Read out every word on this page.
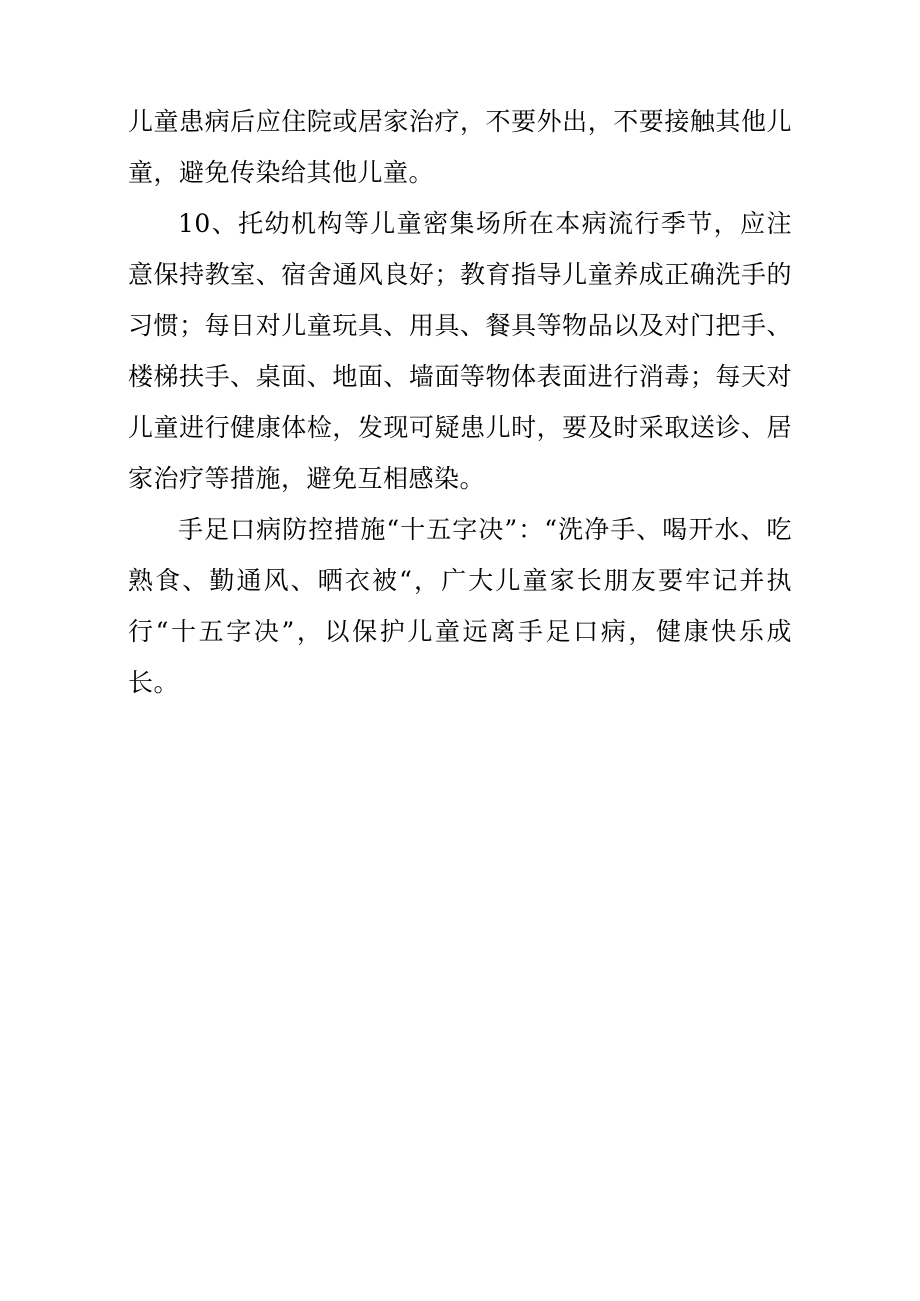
儿童患病后应住院或居家治疗，不要外出，不要接触其他儿童，避免传染给其他儿童。

10、托幼机构等儿童密集场所在本病流行季节，应注意保持教室、宿舍通风良好；教育指导儿童养成正确洗手的习惯；每日对儿童玩具、用具、餐具等物品以及对门把手、楼梯扶手、桌面、地面、墙面等物体表面进行消毒；每天对儿童进行健康体检，发现可疑患儿时，要及时采取送诊、居家治疗等措施，避免互相感染。

手足口病防控措施“十五字决”：“洗净手、喝开水、吃熟食、勤通风、晒衣被“，广大儿童家长朋友要牢记并执行“十五字决”，以保护儿童远离手足口病，健康快乐成长。
